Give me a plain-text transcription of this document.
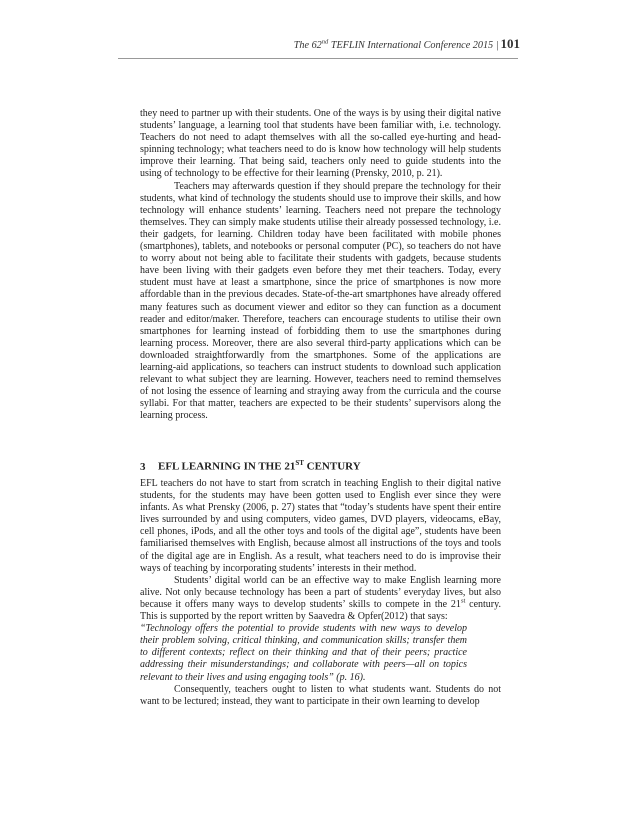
The 62nd TEFLIN International Conference 2015 | 101

they need to partner up with their students. One of the ways is by using their digital native students’ language, a learning tool that students have been familiar with, i.e. technology. Teachers do not need to adapt themselves with all the so-called eye-hurting and head-spinning technology; what teachers need to do is know how technology will help students improve their learning. That being said, teachers only need to guide students into the using of technology to be effective for their learning (Prensky, 2010, p. 21).

Teachers may afterwards question if they should prepare the technology for their students, what kind of technology the students should use to improve their skills, and how technology will enhance students’ learning. Teachers need not prepare the technology themselves. They can simply make students utilise their already possessed technology, i.e. their gadgets, for learning. Children today have been facilitated with mobile phones (smartphones), tablets, and notebooks or personal computer (PC), so teachers do not have to worry about not being able to facilitate their students with gadgets, because students have been living with their gadgets even before they met their teachers. Today, every student must have at least a smartphone, since the price of smartphones is now more affordable than in the previous decades. State-of-the-art smartphones have already offered many features such as document viewer and editor so they can function as a document reader and editor/maker. Therefore, teachers can encourage students to utilise their own smartphones for learning instead of forbidding them to use the smartphones during learning process. Moreover, there are also several third-party applications which can be downloaded straightforwardly from the smartphones. Some of the applications are learning-aid applications, so teachers can instruct students to download such application relevant to what subject they are learning. However, teachers need to remind themselves of not losing the essence of learning and straying away from the curricula and the course syllabi. For that matter, teachers are expected to be their students’ supervisors along the learning process.

3 EFL LEARNING IN THE 21ST CENTURY

EFL teachers do not have to start from scratch in teaching English to their digital native students, for the students may have been gotten used to English ever since they were infants. As what Prensky (2006, p. 27) states that “today’s students have spent their entire lives surrounded by and using computers, video games, DVD players, videocams, eBay, cell phones, iPods, and all the other toys and tools of the digital age”, students have been familiarised themselves with English, because almost all instructions of the toys and tools of the digital age are in English. As a result, what teachers need to do is improvise their ways of teaching by incorporating students’ interests in their method.

Students’ digital world can be an effective way to make English learning more alive. Not only because technology has been a part of students’ everyday lives, but also because it offers many ways to develop students’ skills to compete in the 21st century. This is supported by the report written by Saavedra & Opfer(2012) that says:

“Technology offers the potential to provide students with new ways to develop their problem solving, critical thinking, and communication skills; transfer them to different contexts; reflect on their thinking and that of their peers; practice addressing their misunderstandings; and collaborate with peers—all on topics relevant to their lives and using engaging tools” (p. 16).

Consequently, teachers ought to listen to what students want. Students do not want to be lectured; instead, they want to participate in their own learning to develop
